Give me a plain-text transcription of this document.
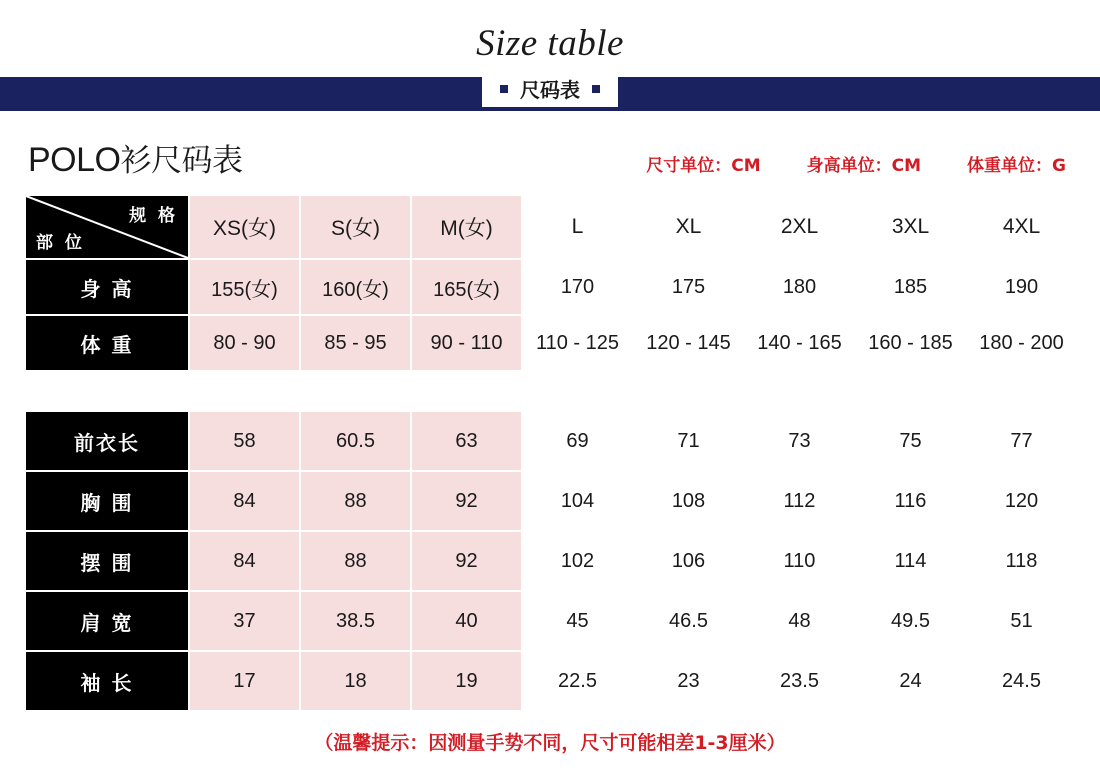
Size table
尺码表
POLO衫尺码表	尺寸单位：CM	身高单位：CM	体重单位：G
规 格
部 位	XS(女)	S(女)	M(女)	L	XL	2XL	3XL	4XL
身 高	155(女)	160(女)	165(女)	170	175	180	185	190
体 重	80 - 90	85 - 95	90 - 110	110 - 125	120 - 145	140 - 165	160 - 185	180 - 200
前衣长	58	60.5	63	69	71	73	75	77
胸 围	84	88	92	104	108	112	116	120
摆 围	84	88	92	102	106	110	114	118
肩 宽	37	38.5	40	45	46.5	48	49.5	51
袖 长	17	18	19	22.5	23	23.5	24	24.5
（温馨提示：因测量手势不同，尺寸可能相差1-3厘米）
